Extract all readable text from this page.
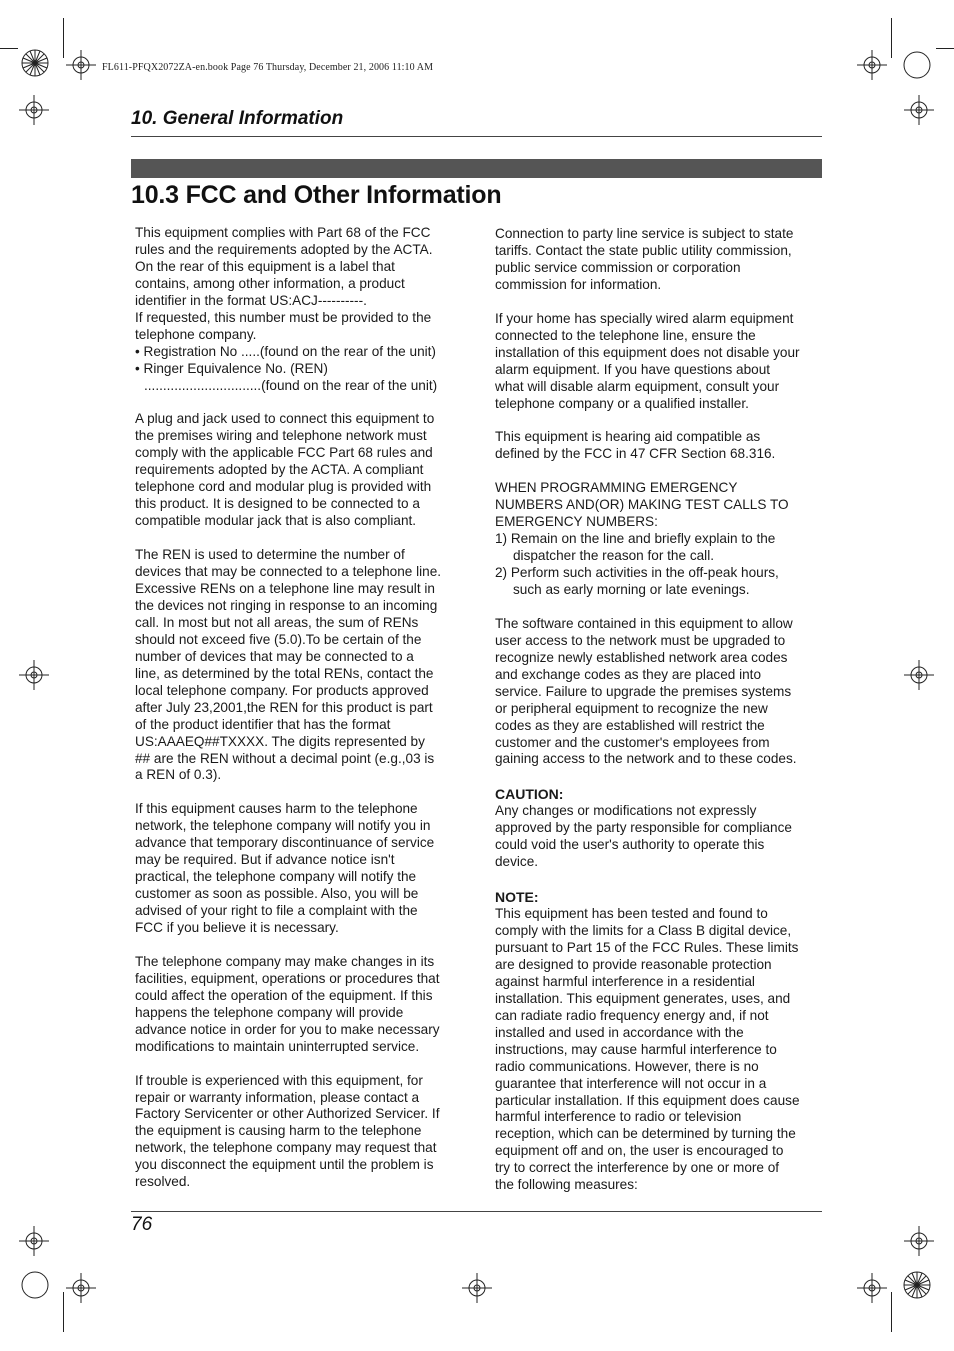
FL611-PFQX2072ZA-en.book Page 76 Thursday, December 21, 2006 11:10 AM
10. General Information
10.3 FCC and Other Information
This equipment complies with Part 68 of the FCC
rules and the requirements adopted by the ACTA.
On the rear of this equipment is a label that
contains, among other information, a product
identifier in the format US:ACJ----------.
If requested, this number must be provided to the
telephone company.
• Registration No .....(found on the rear of the unit)
• Ringer Equivalence No. (REN)
...............................(found on the rear of the unit)
A plug and jack used to connect this equipment to
the premises wiring and telephone network must
comply with the applicable FCC Part 68 rules and
requirements adopted by the ACTA. A compliant
telephone cord and modular plug is provided with
this product. It is designed to be connected to a
compatible modular jack that is also compliant.
The REN is used to determine the number of
devices that may be connected to a telephone line.
Excessive RENs on a telephone line may result in
the devices not ringing in response to an incoming
call. In most but not all areas, the sum of RENs
should not exceed five (5.0).To be certain of the
number of devices that may be connected to a
line, as determined by the total RENs, contact the
local telephone company. For products approved
after July 23,2001,the REN for this product is part
of the product identifier that has the format
US:AAAEQ##TXXXX. The digits represented by
## are the REN without a decimal point (e.g.,03 is
a REN of 0.3).
If this equipment causes harm to the telephone
network, the telephone company will notify you in
advance that temporary discontinuance of service
may be required. But if advance notice isn't
practical, the telephone company will notify the
customer as soon as possible. Also, you will be
advised of your right to file a complaint with the
FCC if you believe it is necessary.
The telephone company may make changes in its
facilities, equipment, operations or procedures that
could affect the operation of the equipment. If this
happens the telephone company will provide
advance notice in order for you to make necessary
modifications to maintain uninterrupted service.
If trouble is experienced with this equipment, for
repair or warranty information, please contact a
Factory Servicenter or other Authorized Servicer. If
the equipment is causing harm to the telephone
network, the telephone company may request that
you disconnect the equipment until the problem is
resolved.
Connection to party line service is subject to state
tariffs. Contact the state public utility commission,
public service commission or corporation
commission for information.
If your home has specially wired alarm equipment
connected to the telephone line, ensure the
installation of this equipment does not disable your
alarm equipment. If you have questions about
what will disable alarm equipment, consult your
telephone company or a qualified installer.
This equipment is hearing aid compatible as
defined by the FCC in 47 CFR Section 68.316.
WHEN PROGRAMMING EMERGENCY
NUMBERS AND(OR) MAKING TEST CALLS TO
EMERGENCY NUMBERS:
1) Remain on the line and briefly explain to the
dispatcher the reason for the call.
2) Perform such activities in the off-peak hours,
such as early morning or late evenings.
The software contained in this equipment to allow
user access to the network must be upgraded to
recognize newly established network area codes
and exchange codes as they are placed into
service. Failure to upgrade the premises systems
or peripheral equipment to recognize the new
codes as they are established will restrict the
customer and the customer's employees from
gaining access to the network and to these codes.
CAUTION:
Any changes or modifications not expressly
approved by the party responsible for compliance
could void the user's authority to operate this
device.
NOTE:
This equipment has been tested and found to
comply with the limits for a Class B digital device,
pursuant to Part 15 of the FCC Rules. These limits
are designed to provide reasonable protection
against harmful interference in a residential
installation. This equipment generates, uses, and
can radiate radio frequency energy and, if not
installed and used in accordance with the
instructions, may cause harmful interference to
radio communications. However, there is no
guarantee that interference will not occur in a
particular installation. If this equipment does cause
harmful interference to radio or television
reception, which can be determined by turning the
equipment off and on, the user is encouraged to
try to correct the interference by one or more of
the following measures:
76
